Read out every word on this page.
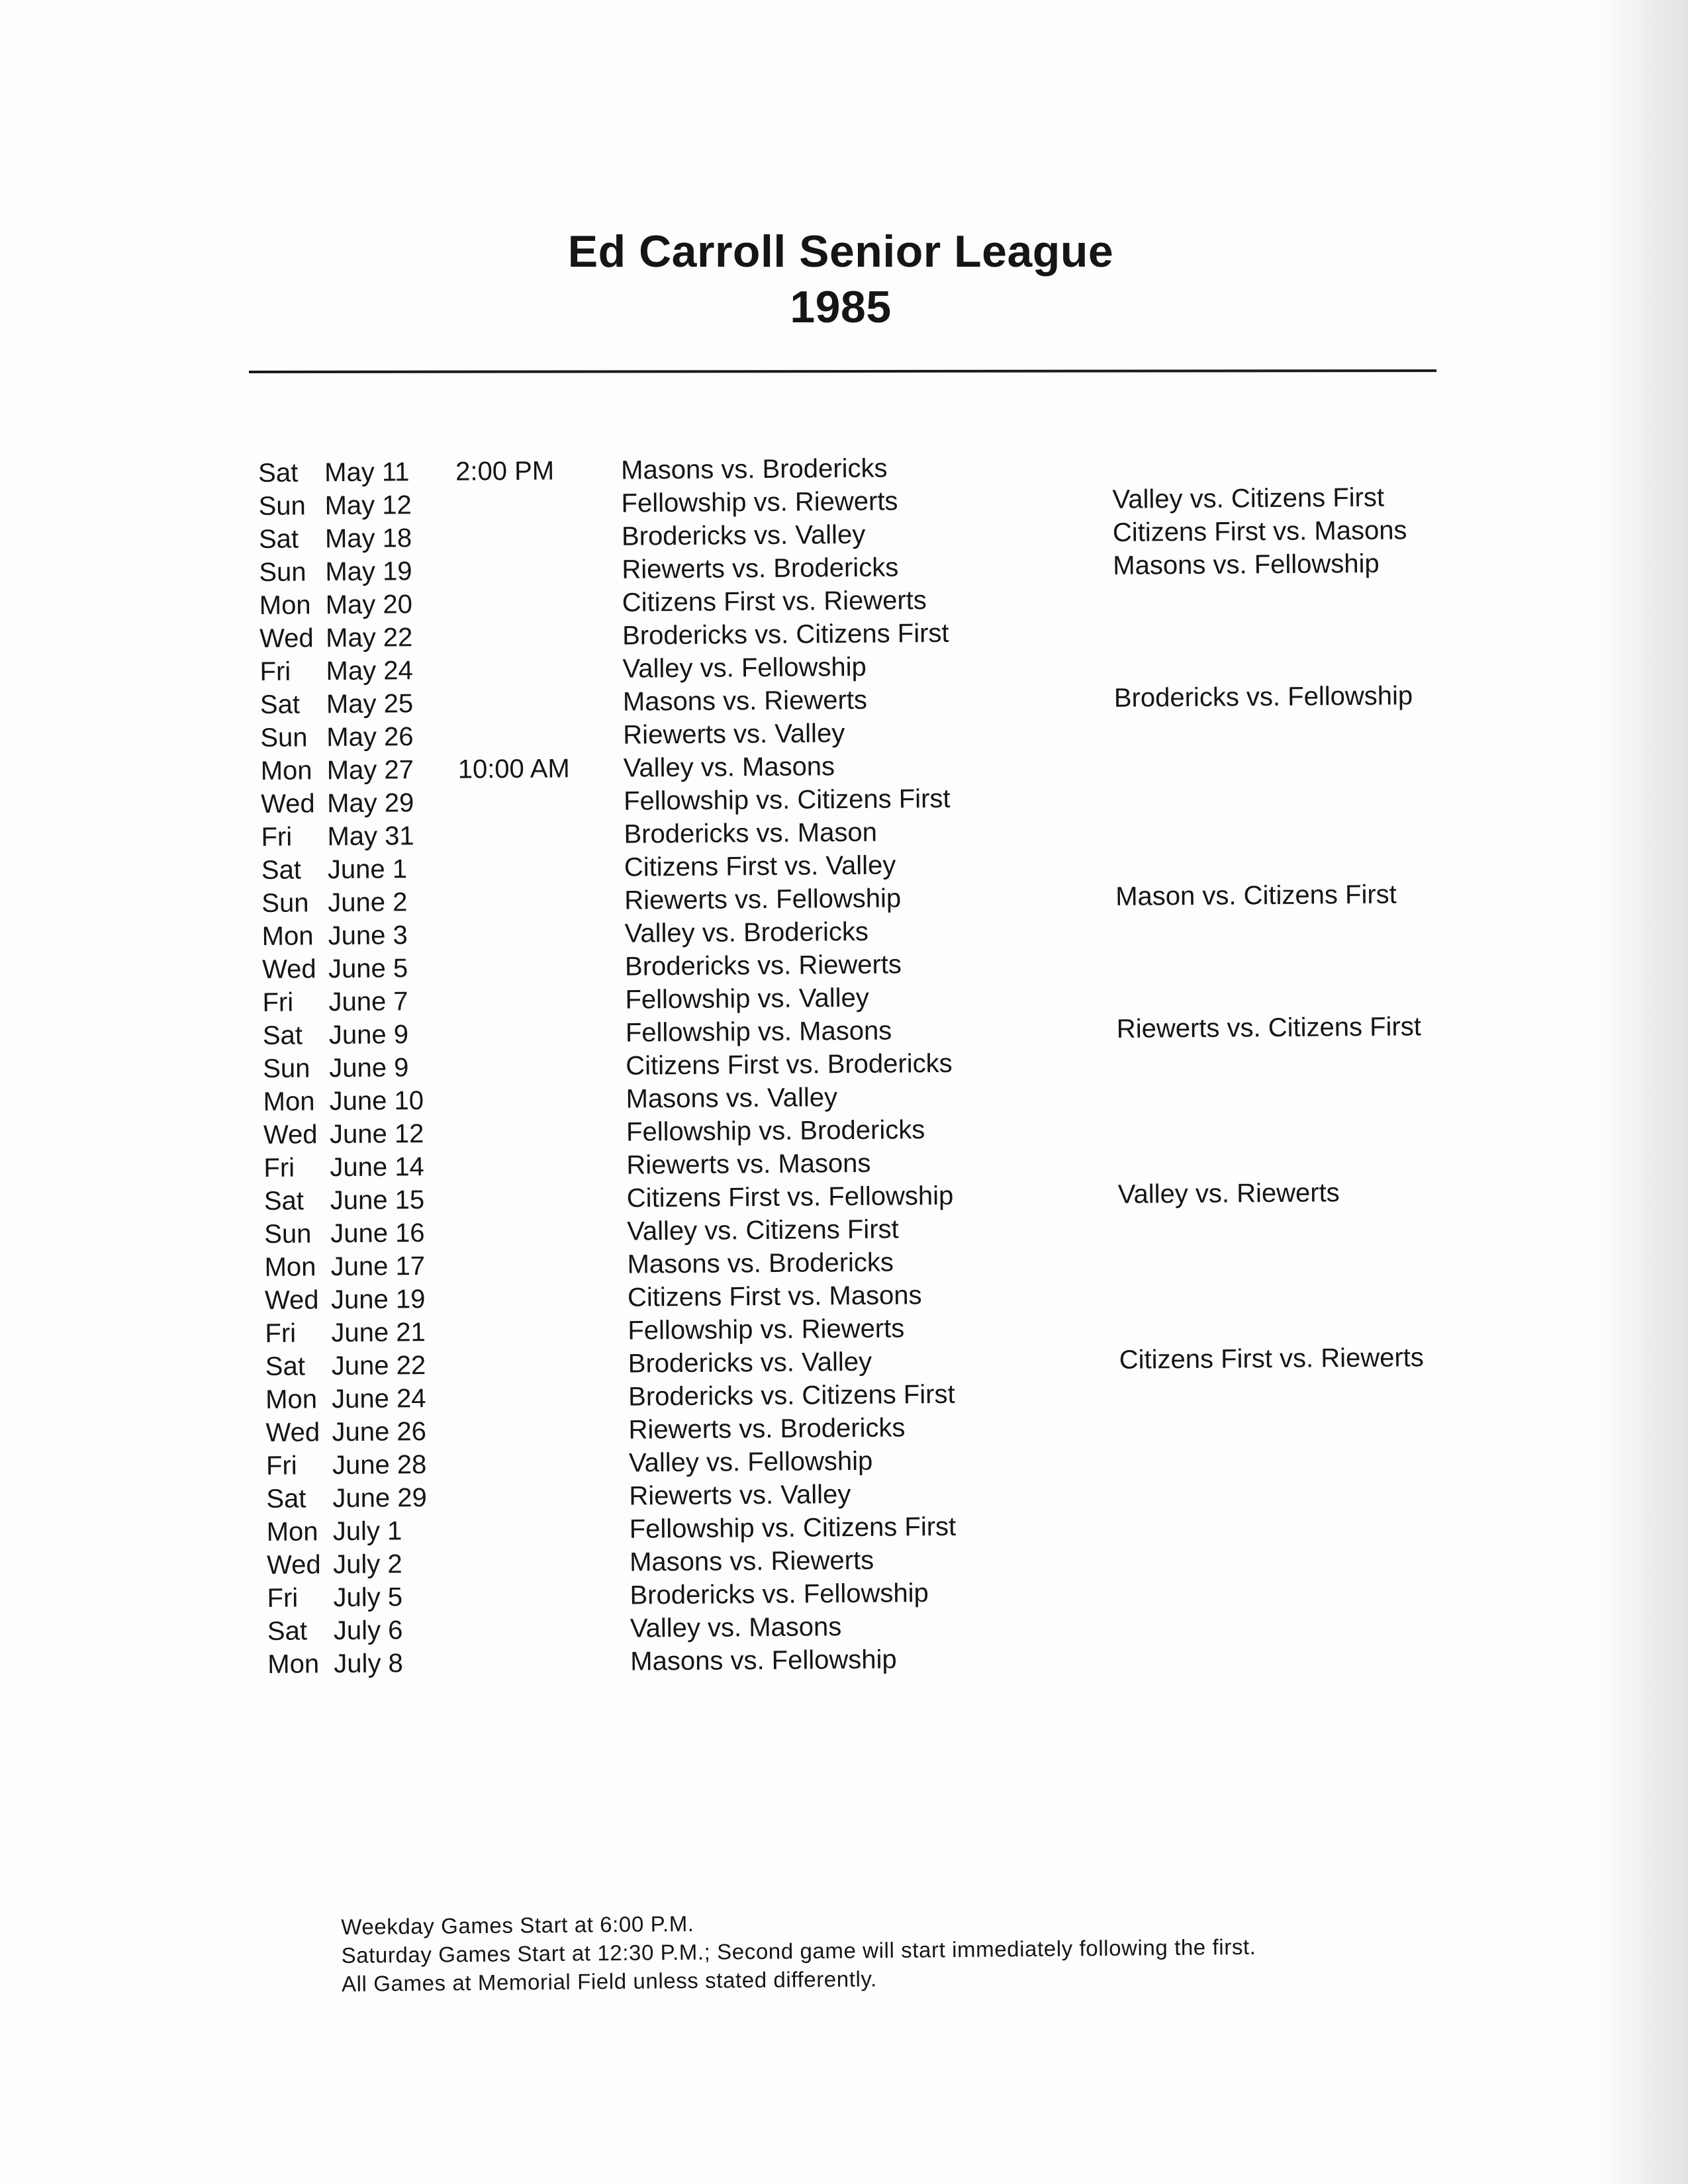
Ed Carroll Senior League
1985
Sat May 11 2:00 PM	Masons vs. Brodericks
Sun May 12	Fellowship vs. Riewerts	Valley vs. Citizens First
Sat May 18	Brodericks vs. Valley	Citizens First vs. Masons
Sun May 19	Riewerts vs. Brodericks	Masons vs. Fellowship
Mon May 20	Citizens First vs. Riewerts
Wed May 22	Brodericks vs. Citizens First
Fri May 24	Valley vs. Fellowship
Sat May 25	Masons vs. Riewerts	Brodericks vs. Fellowship
Sun May 26	Riewerts vs. Valley
Mon May 27 10:00 AM Valley vs. Masons
Wed May 29	Fellowship vs. Citizens First
Fri May 31	Brodericks vs. Mason
Sat June 1	Citizens First vs. Valley
Sun June 2	Riewerts vs. Fellowship	Mason vs. Citizens First
Mon June 3	Valley vs. Brodericks
Wed June 5	Brodericks vs. Riewerts
Fri June 7	Fellowship vs. Valley
Sat June 9	Fellowship vs. Masons	Riewerts vs. Citizens First
Sun June 9	Citizens First vs. Brodericks
Mon June 10	Masons vs. Valley
Wed June 12	Fellowship vs. Brodericks
Fri June 14	Riewerts vs. Masons
Sat June 15	Citizens First vs. Fellowship	Valley vs. Riewerts
Sun June 16	Valley vs. Citizens First
Mon June 17	Masons vs. Brodericks
Wed June 19	Citizens First vs. Masons
Fri June 21	Fellowship vs. Riewerts
Sat June 22	Brodericks vs. Valley	Citizens First vs. Riewerts
Mon June 24	Brodericks vs. Citizens First
Wed June 26	Riewerts vs. Brodericks
Fri June 28	Valley vs. Fellowship
Sat June 29	Riewerts vs. Valley
Mon July 1	Fellowship vs. Citizens First
Wed July 2	Masons vs. Riewerts
Fri July 5	Brodericks vs. Fellowship
Sat July 6	Valley vs. Masons
Mon July 8	Masons vs. Fellowship
Weekday Games Start at 6:00 P.M.
Saturday Games Start at 12:30 P.M.; Second game will start immediately following the first.
All Games at Memorial Field unless stated differently.
